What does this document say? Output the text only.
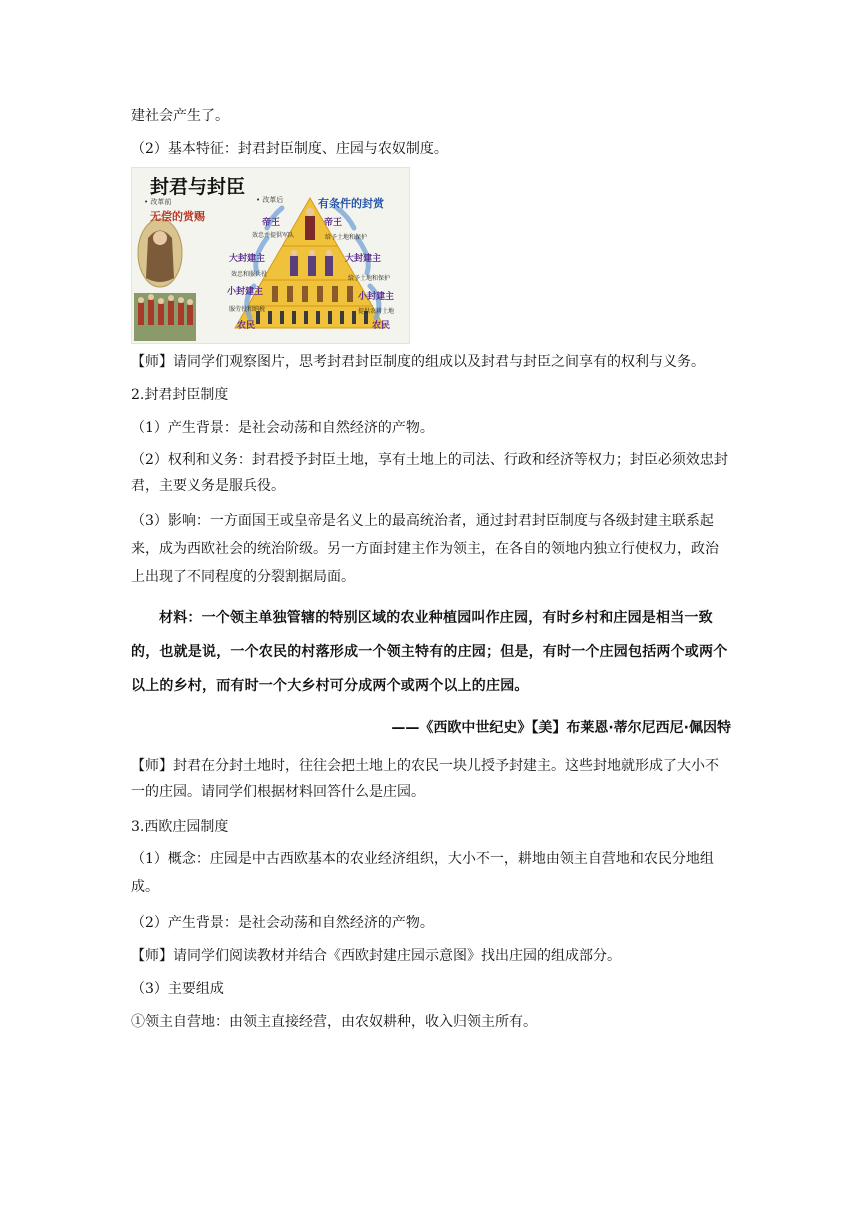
建社会产生了。

（2）基本特征：封君封臣制度、庄园与农奴制度。

封君与封臣
• 改革前	• 改革后
无偿的赏赐
有条件的封赏
帝王	帝王
大封建主	大封建主
小封建主	小封建主
农民	农民
效忠并提供军队	给予土地和保护
效忠和服兵役
给予土地和保护
服劳役和纳税	提供农耕土地

【师】请同学们观察图片，思考封君封臣制度的组成以及封君与封臣之间享有的权利与义务。

2.封君封臣制度

（1）产生背景：是社会动荡和自然经济的产物。

（2）权利和义务：封君授予封臣土地，享有土地上的司法、行政和经济等权力；封臣必须效忠封君，主要义务是服兵役。

（3）影响：一方面国王或皇帝是名义上的最高统治者，通过封君封臣制度与各级封建主联系起来，成为西欧社会的统治阶级。另一方面封建主作为领主，在各自的领地内独立行使权力，政治上出现了不同程度的分裂割据局面。

材料：一个领主单独管辖的特别区域的农业种植园叫作庄园，有时乡村和庄园是相当一致的，也就是说，一个农民的村落形成一个领主特有的庄园；但是，有时一个庄园包括两个或两个以上的乡村，而有时一个大乡村可分成两个或两个以上的庄园。

——《西欧中世纪史》【美】布莱恩·蒂尔尼西尼·佩因特

【师】封君在分封土地时，往往会把土地上的农民一块儿授予封建主。这些封地就形成了大小不一的庄园。请同学们根据材料回答什么是庄园。

3.西欧庄园制度

（1）概念：庄园是中古西欧基本的农业经济组织，大小不一，耕地由领主自营地和农民分地组成。

（2）产生背景：是社会动荡和自然经济的产物。

【师】请同学们阅读教材并结合《西欧封建庄园示意图》找出庄园的组成部分。

（3）主要组成

①领主自营地：由领主直接经营，由农奴耕种，收入归领主所有。
